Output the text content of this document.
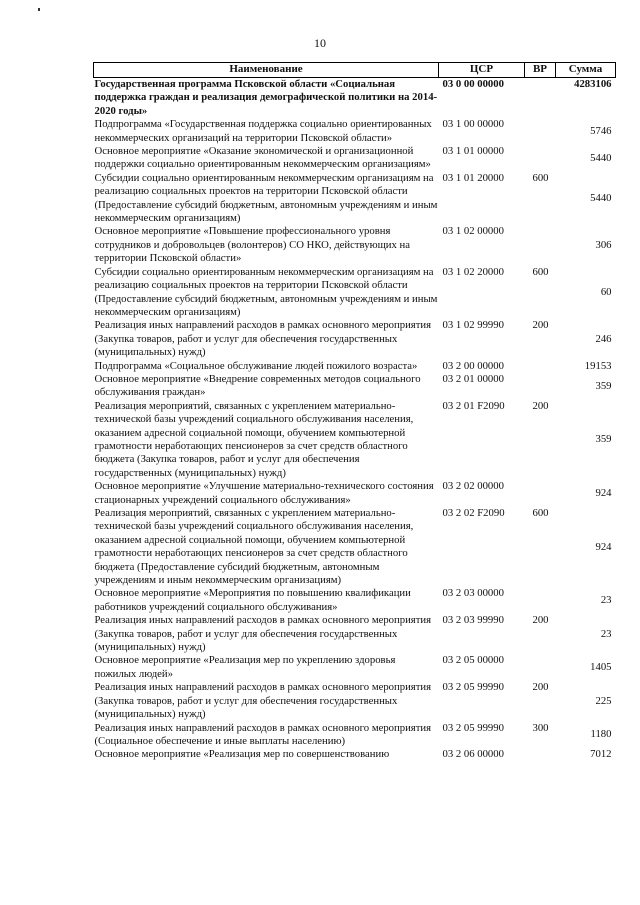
10
Наименование	ЦСР	ВР	Сумма
Государственная программа Псковской области «Социальная поддержка граждан и реализация демографической политики на 2014-2020 годы»	03 0 00 00000		4283106
Подпрограмма «Государственная поддержка социально ориентированных некоммерческих организаций на территории Псковской области»	03 1 00 00000		5746
Основное мероприятие «Оказание экономической и организационной поддержки социально ориентированным некоммерческим организациям»	03 1 01 00000		5440
Субсидии социально ориентированным некоммерческим организациям на реализацию социальных проектов на территории Псковской области (Предоставление субсидий бюджетным, автономным учреждениям и иным некоммерческим организациям)	03 1 01 20000	600	5440
Основное мероприятие «Повышение профессионального уровня сотрудников и добровольцев (волонтеров) СО НКО, действующих на территории Псковской области»	03 1 02 00000		306
Субсидии социально ориентированным некоммерческим организациям на реализацию социальных проектов на территории Псковской области (Предоставление субсидий бюджетным, автономным учреждениям и иным некоммерческим организациям)	03 1 02 20000	600	60
Реализация иных направлений расходов в рамках основного мероприятия (Закупка товаров, работ и услуг для обеспечения государственных (муниципальных) нужд)	03 1 02 99990	200	246
Подпрограмма «Социальное обслуживание людей пожилого возраста»	03 2 00 00000		19153
Основное мероприятие «Внедрение современных методов социального обслуживания граждан»	03 2 01 00000		359
Реализация мероприятий, связанных с укреплением материально-технической базы учреждений социального обслуживания населения, оказанием адресной социальной помощи, обучением компьютерной грамотности неработающих пенсионеров за счет средств областного бюджета (Закупка товаров, работ и услуг для обеспечения государственных (муниципальных) нужд)	03 2 01 F2090	200	359
Основное мероприятие «Улучшение материально-технического состояния стационарных учреждений социального обслуживания»	03 2 02 00000		924
Реализация мероприятий, связанных с укреплением материально-технической базы учреждений социального обслуживания населения, оказанием адресной социальной помощи, обучением компьютерной грамотности неработающих пенсионеров за счет средств областного бюджета (Предоставление субсидий бюджетным, автономным учреждениям и иным некоммерческим организациям)	03 2 02 F2090	600	924
Основное мероприятие «Мероприятия по повышению квалификации работников учреждений социального обслуживания»	03 2 03 00000		23
Реализация иных направлений расходов в рамках основного мероприятия (Закупка товаров, работ и услуг для обеспечения государственных (муниципальных) нужд)	03 2 03 99990	200	23
Основное мероприятие «Реализация мер по укреплению здоровья пожилых людей»	03 2 05 00000		1405
Реализация иных направлений расходов в рамках основного мероприятия (Закупка товаров, работ и услуг для обеспечения государственных (муниципальных) нужд)	03 2 05 99990	200	225
Реализация иных направлений расходов в рамках основного мероприятия (Социальное обеспечение и иные выплаты населению)	03 2 05 99990	300	1180
Основное мероприятие «Реализация мер по совершенствованию	03 2 06 00000		7012
